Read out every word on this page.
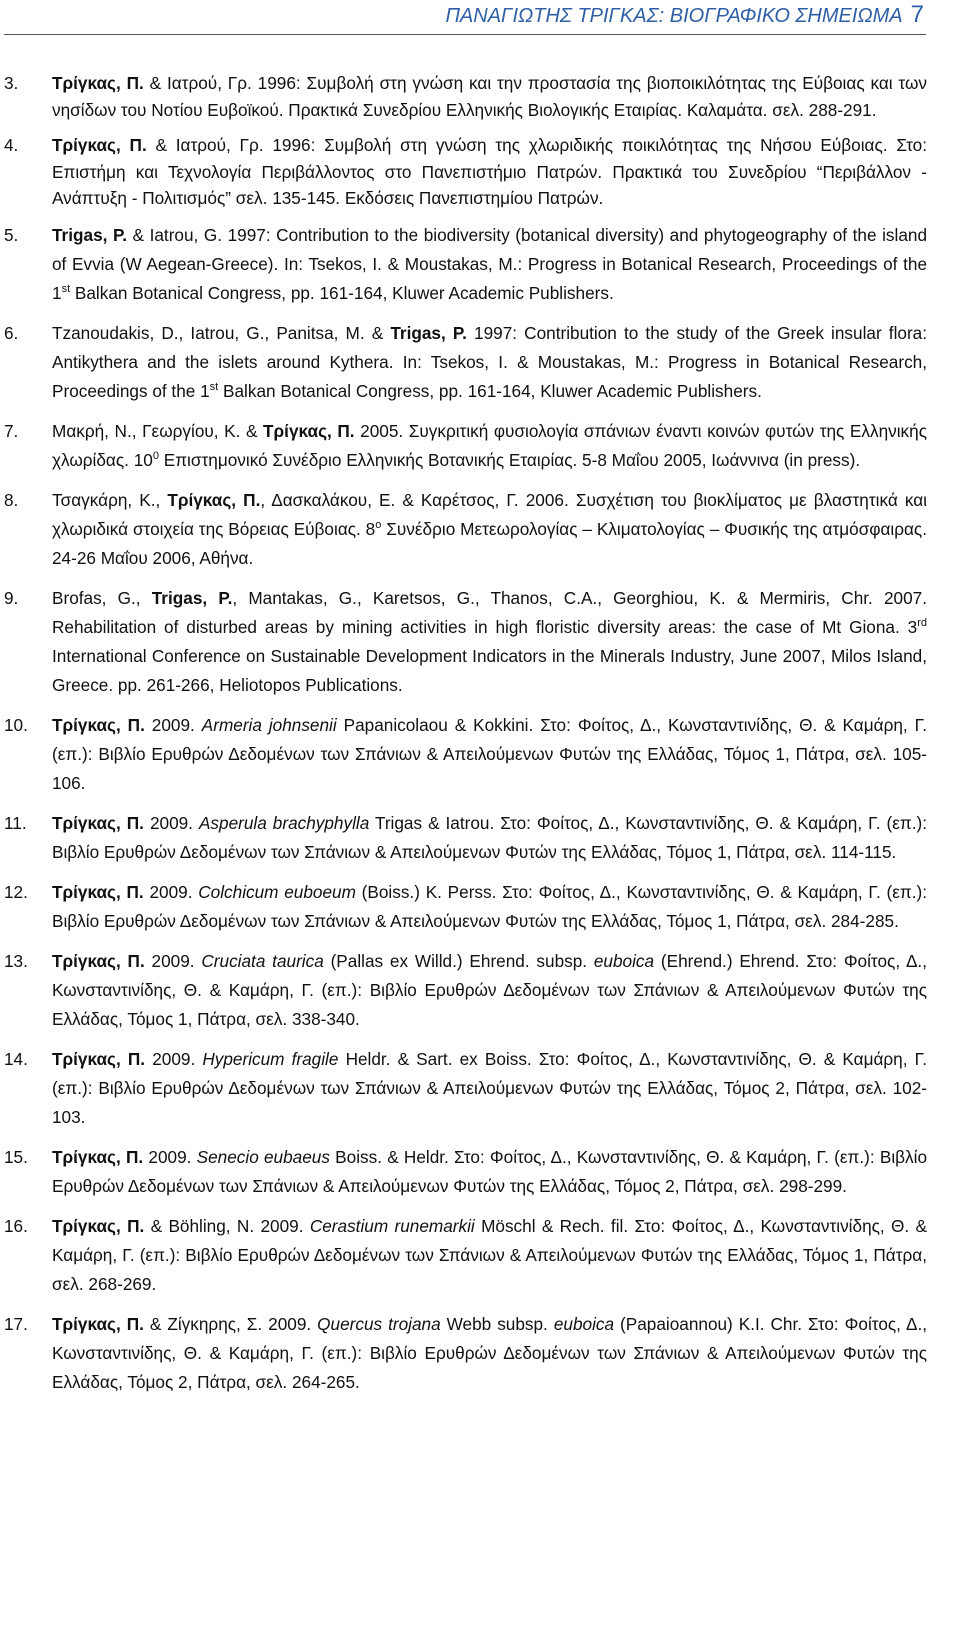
ΠΑΝΑΓΙΩΤΗΣ ΤΡΙΓΚΑΣ: ΒΙΟΓΡΑΦΙΚΟ ΣΗΜΕΙΩΜΑ 7
3.	Τρίγκας, Π. & Ιατρού, Γρ. 1996: Συμβολή στη γνώση και την προστασία της βιοποικιλότητας της Εύβοιας και των νησίδων του Νοτίου Ευβοϊκού. Πρακτικά Συνεδρίου Ελληνικής Βιολογικής Εταιρίας. Καλαμάτα. σελ. 288-291.
4.	Τρίγκας, Π. & Ιατρού, Γρ. 1996: Συμβολή στη γνώση της χλωριδικής ποικιλότητας της Νήσου Εύβοιας. Στο: Επιστήμη και Τεχνολογία Περιβάλλοντος στο Πανεπιστήμιο Πατρών. Πρακτικά του Συνεδρίου “Περιβάλλον - Ανάπτυξη - Πολιτισμός” σελ. 135-145. Εκδόσεις Πανεπιστημίου Πατρών.
5.	Trigas, P. & Iatrou, G. 1997: Contribution to the biodiversity (botanical diversity) and phytogeography of the island of Evvia (W Aegean-Greece). In: Tsekos, I. & Moustakas, M.: Progress in Botanical Research, Proceedings of the 1st Balkan Botanical Congress, pp. 161-164, Kluwer Academic Publishers.
6.	Tzanoudakis, D., Iatrou, G., Panitsa, M. & Trigas, P. 1997: Contribution to the study of the Greek insular flora: Antikythera and the islets around Kythera. In: Tsekos, I. & Moustakas, M.: Progress in Botanical Research, Proceedings of the 1st Balkan Botanical Congress, pp. 161-164, Kluwer Academic Publishers.
7.	Μακρή, Ν., Γεωργίου, Κ. & Τρίγκας, Π. 2005. Συγκριτική φυσιολογία σπάνιων έναντι κοινών φυτών της Ελληνικής χλωρίδας. $10^0$ Επιστημονικό Συνέδριο Ελληνικής Βοτανικής Εταιρίας. 5-8 Μαΐου 2005, Ιωάννινα (in press).
8.	Τσαγκάρη, Κ., Τρίγκας, Π., Δασκαλάκου, Ε. & Καρέτσος, Γ. 2006. Συσχέτιση του βιοκλίματος με βλαστητικά και χλωριδικά στοιχεία της Βόρειας Εύβοιας. $8^o$ Συνέδριο Μετεωρολογίας – Κλιματολογίας – Φυσικής της ατμόσφαιρας. 24-26 Μαΐου 2006, Αθήνα.
9.	Brofas, G., Trigas, P., Mantakas, G., Karetsos, G., Thanos, C.A., Georghiou, K. & Mermiris, Chr. 2007. Rehabilitation of disturbed areas by mining activities in high floristic diversity areas: the case of Mt Giona. 3rd International Conference on Sustainable Development Indicators in the Minerals Industry, June 2007, Milos Island, Greece. pp. 261-266, Heliotopos Publications.
10.	Τρίγκας, Π. 2009. Armeria johnsenii Papanicolaou & Kokkini. Στο: Φοίτος, Δ., Κωνσταντινίδης, Θ. & Καμάρη, Γ. (επ.): Βιβλίο Ερυθρών Δεδομένων των Σπάνιων & Απειλούμενων Φυτών της Ελλάδας, Τόμος 1, Πάτρα, σελ. 105-106.
11.	Τρίγκας, Π. 2009. Asperula brachyphylla Trigas & Iatrou. Στο: Φοίτος, Δ., Κωνσταντινίδης, Θ. & Καμάρη, Γ. (επ.): Βιβλίο Ερυθρών Δεδομένων των Σπάνιων & Απειλούμενων Φυτών της Ελλάδας, Τόμος 1, Πάτρα, σελ. 114-115.
12.	Τρίγκας, Π. 2009. Colchicum euboeum (Boiss.) K. Perss. Στο: Φοίτος, Δ., Κωνσταντινίδης, Θ. & Καμάρη, Γ. (επ.): Βιβλίο Ερυθρών Δεδομένων των Σπάνιων & Απειλούμενων Φυτών της Ελλάδας, Τόμος 1, Πάτρα, σελ. 284-285.
13.	Τρίγκας, Π. 2009. Cruciata taurica (Pallas ex Willd.) Ehrend. subsp. euboica (Ehrend.) Ehrend. Στο: Φοίτος, Δ., Κωνσταντινίδης, Θ. & Καμάρη, Γ. (επ.): Βιβλίο Ερυθρών Δεδομένων των Σπάνιων & Απειλούμενων Φυτών της Ελλάδας, Τόμος 1, Πάτρα, σελ. 338-340.
14.	Τρίγκας, Π. 2009. Hypericum fragile Heldr. & Sart. ex Boiss. Στο: Φοίτος, Δ., Κωνσταντινίδης, Θ. & Καμάρη, Γ. (επ.): Βιβλίο Ερυθρών Δεδομένων των Σπάνιων & Απειλούμενων Φυτών της Ελλάδας, Τόμος 2, Πάτρα, σελ. 102-103.
15.	Τρίγκας, Π. 2009. Senecio eubaeus Boiss. & Heldr. Στο: Φοίτος, Δ., Κωνσταντινίδης, Θ. & Καμάρη, Γ. (επ.): Βιβλίο Ερυθρών Δεδομένων των Σπάνιων & Απειλούμενων Φυτών της Ελλάδας, Τόμος 2, Πάτρα, σελ. 298-299.
16.	Τρίγκας, Π. & Böhling, N. 2009. Cerastium runemarkii Möschl & Rech. fil. Στο: Φοίτος, Δ., Κωνσταντινίδης, Θ. & Καμάρη, Γ. (επ.): Βιβλίο Ερυθρών Δεδομένων των Σπάνιων & Απειλούμενων Φυτών της Ελλάδας, Τόμος 1, Πάτρα, σελ. 268-269.
17.	Τρίγκας, Π. & Ζίγκηρης, Σ. 2009. Quercus trojana Webb subsp. euboica (Papaioannou) K.I. Chr. Στο: Φοίτος, Δ., Κωνσταντινίδης, Θ. & Καμάρη, Γ. (επ.): Βιβλίο Ερυθρών Δεδομένων των Σπάνιων & Απειλούμενων Φυτών της Ελλάδας, Τόμος 2, Πάτρα, σελ. 264-265.
